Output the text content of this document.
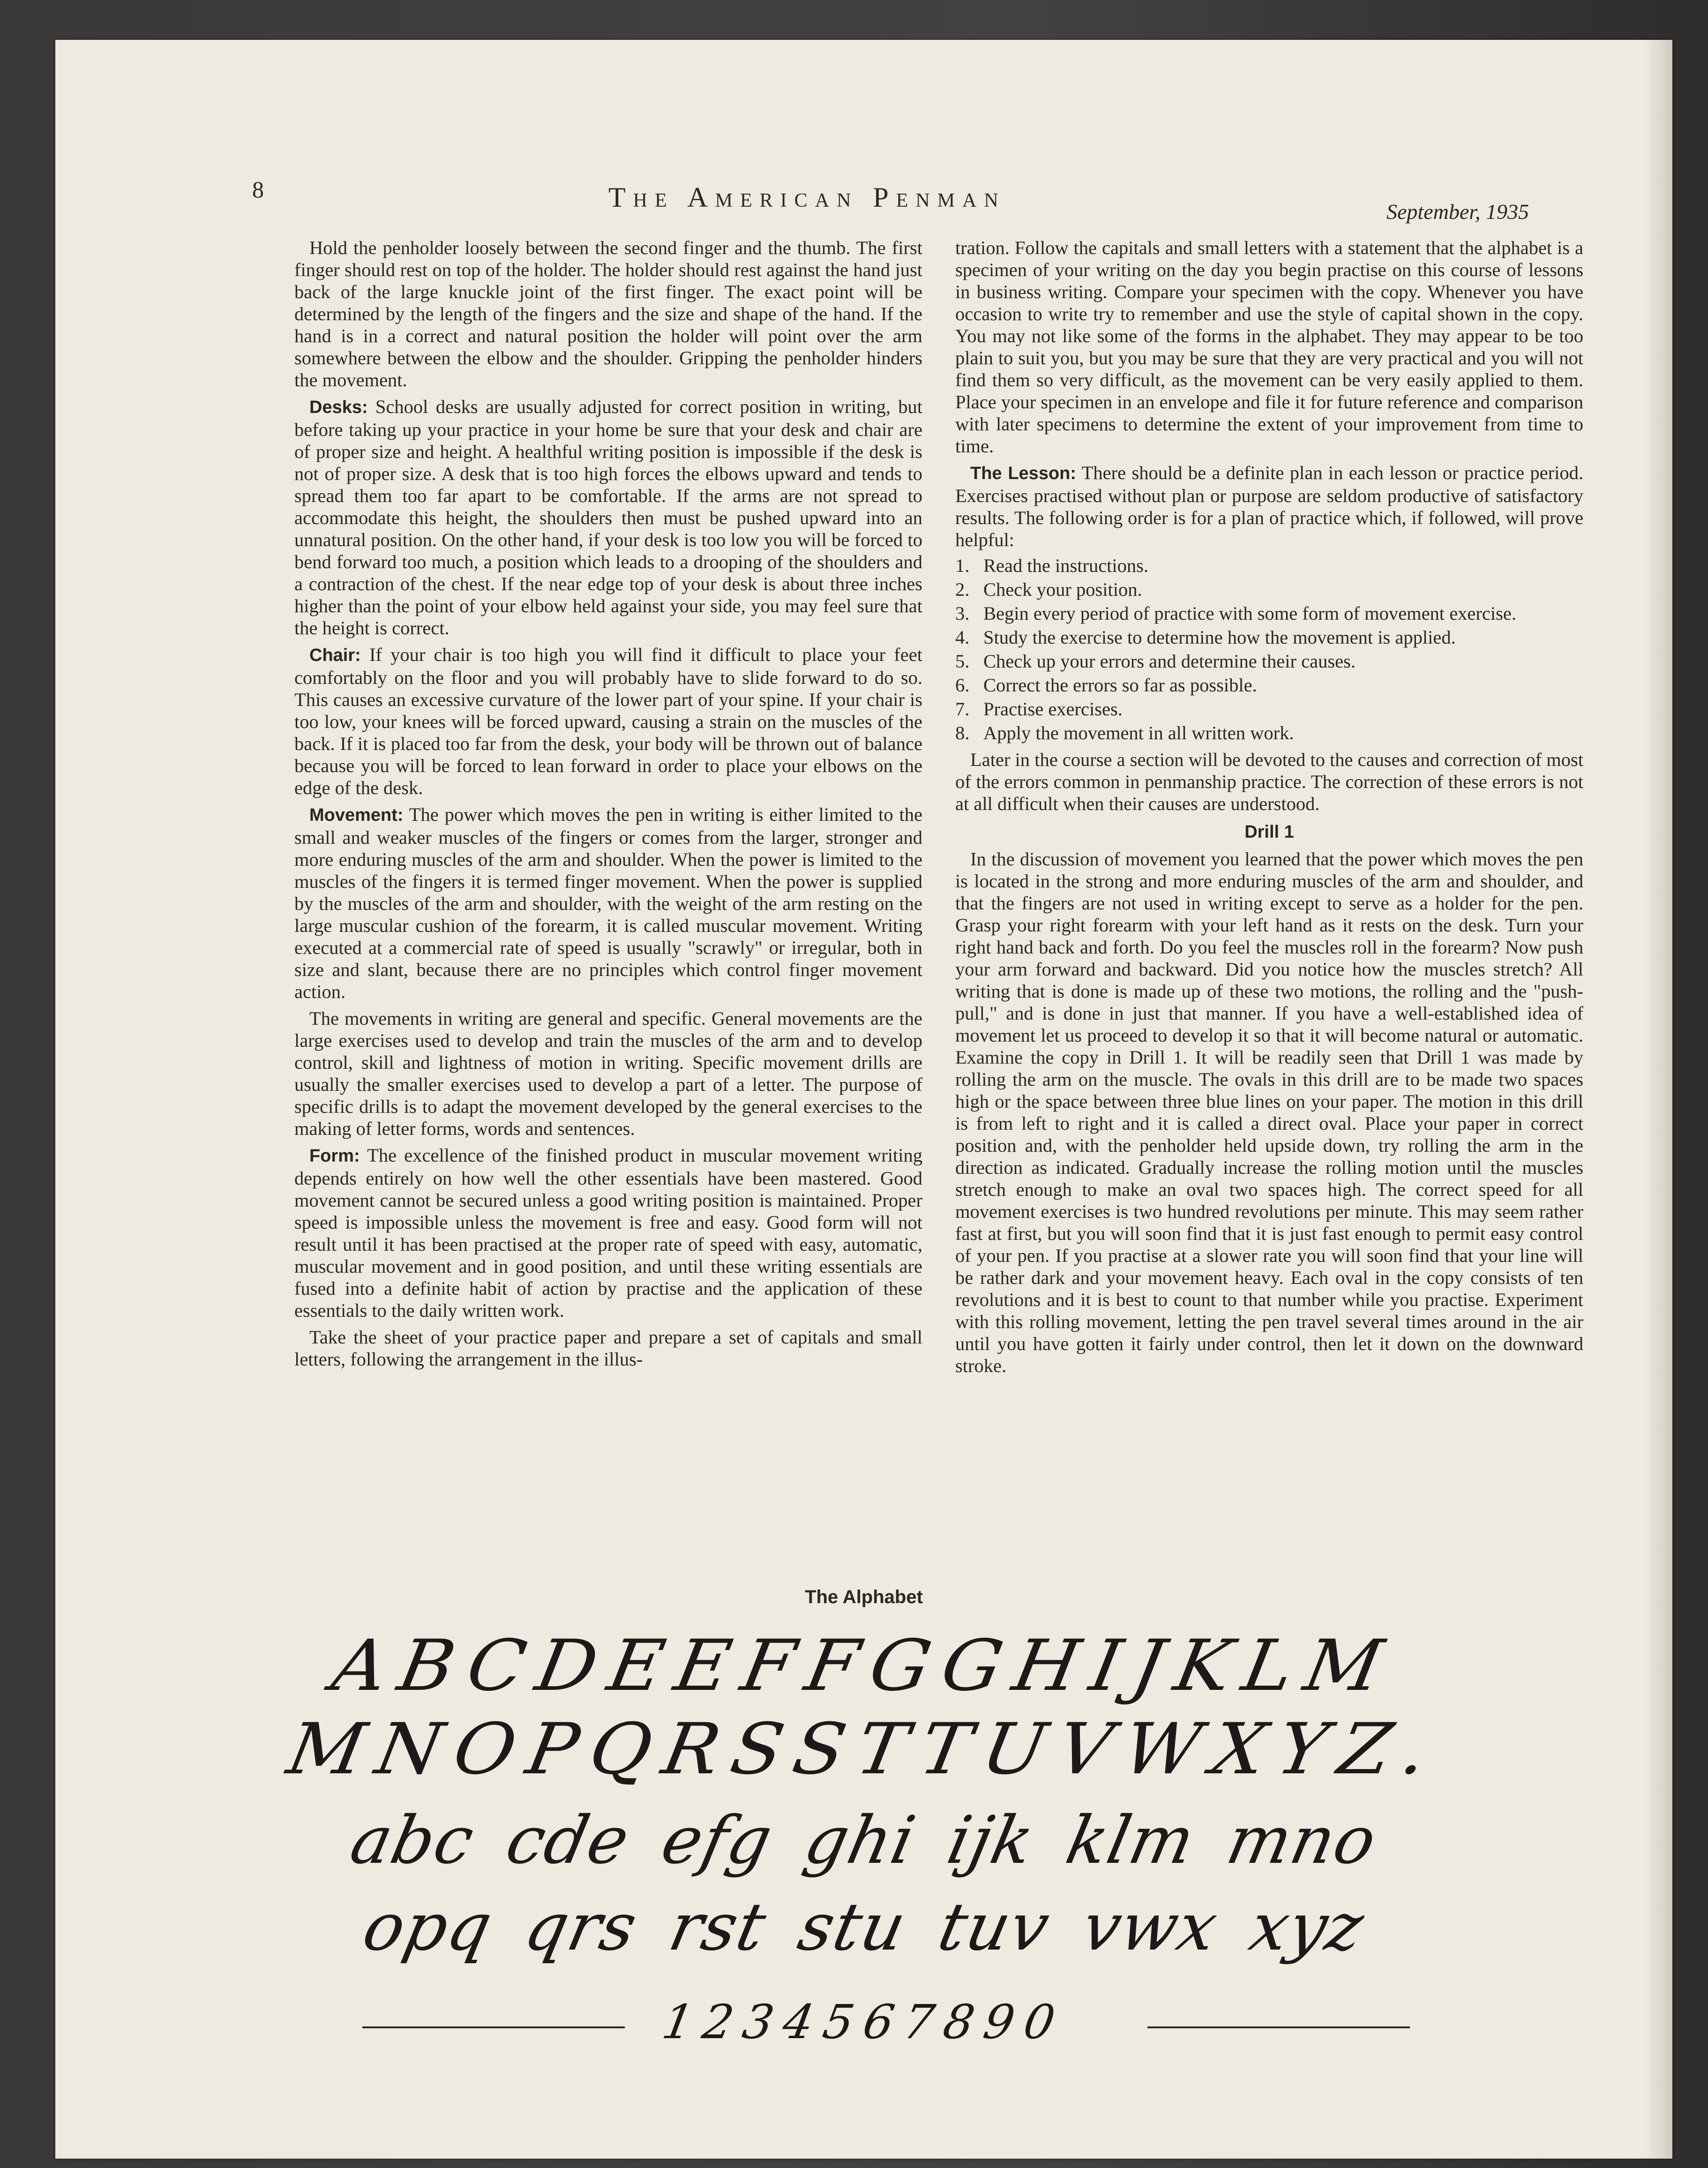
8	The American Penman	September, 1935

Hold the penholder loosely between the second finger and the thumb. The first finger should rest on top of the holder. The holder should rest against the hand just back of the large knuckle joint of the first finger. The exact point will be determined by the length of the fingers and the size and shape of the hand. If the hand is in a correct and natural position the holder will point over the arm somewhere between the elbow and the shoulder. Gripping the penholder hinders the movement.

Desks: School desks are usually adjusted for correct position in writing, but before taking up your practice in your home be sure that your desk and chair are of proper size and height. A healthful writing position is impossible if the desk is not of proper size. A desk that is too high forces the elbows upward and tends to spread them too far apart to be comfortable. If the arms are not spread to accommodate this height, the shoulders then must be pushed upward into an unnatural position. On the other hand, if your desk is too low you will be forced to bend forward too much, a position which leads to a drooping of the shoulders and a contraction of the chest. If the near edge top of your desk is about three inches higher than the point of your elbow held against your side, you may feel sure that the height is correct.

Chair: If your chair is too high you will find it difficult to place your feet comfortably on the floor and you will probably have to slide forward to do so. This causes an excessive curvature of the lower part of your spine. If your chair is too low, your knees will be forced upward, causing a strain on the muscles of the back. If it is placed too far from the desk, your body will be thrown out of balance because you will be forced to lean forward in order to place your elbows on the edge of the desk.

Movement: The power which moves the pen in writing is either limited to the small and weaker muscles of the fingers or comes from the larger, stronger and more enduring muscles of the arm and shoulder. When the power is limited to the muscles of the fingers it is termed finger movement. When the power is supplied by the muscles of the arm and shoulder, with the weight of the arm resting on the large muscular cushion of the forearm, it is called muscular movement. Writing executed at a commercial rate of speed is usually "scrawly" or irregular, both in size and slant, because there are no principles which control finger movement action.

The movements in writing are general and specific. General movements are the large exercises used to develop and train the muscles of the arm and to develop control, skill and lightness of motion in writing. Specific movement drills are usually the smaller exercises used to develop a part of a letter. The purpose of specific drills is to adapt the movement developed by the general exercises to the making of letter forms, words and sentences.

Form: The excellence of the finished product in muscular movement writing depends entirely on how well the other essentials have been mastered. Good movement cannot be secured unless a good writing position is maintained. Proper speed is impossible unless the movement is free and easy. Good form will not result until it has been practised at the proper rate of speed with easy, automatic, muscular movement and in good position, and until these writing essentials are fused into a definite habit of action by practise and the application of these essentials to the daily written work.

Take the sheet of your practice paper and prepare a set of capitals and small letters, following the arrangement in the illus-

tration. Follow the capitals and small letters with a statement that the alphabet is a specimen of your writing on the day you begin practise on this course of lessons in business writing. Compare your specimen with the copy. Whenever you have occasion to write try to remember and use the style of capital shown in the copy. You may not like some of the forms in the alphabet. They may appear to be too plain to suit you, but you may be sure that they are very practical and you will not find them so very difficult, as the movement can be very easily applied to them. Place your specimen in an envelope and file it for future reference and comparison with later specimens to determine the extent of your improvement from time to time.

The Lesson: There should be a definite plan in each lesson or practice period. Exercises practised without plan or purpose are seldom productive of satisfactory results. The following order is for a plan of practice which, if followed, will prove helpful:

1. Read the instructions.
2. Check your position.
3. Begin every period of practice with some form of movement exercise.
4. Study the exercise to determine how the movement is applied.
5. Check up your errors and determine their causes.
6. Correct the errors so far as possible.
7. Practise exercises.
8. Apply the movement in all written work.

Later in the course a section will be devoted to the causes and correction of most of the errors common in penmanship practice. The correction of these errors is not at all difficult when their causes are understood.

Drill 1

In the discussion of movement you learned that the power which moves the pen is located in the strong and more enduring muscles of the arm and shoulder, and that the fingers are not used in writing except to serve as a holder for the pen. Grasp your right forearm with your left hand as it rests on the desk. Turn your right hand back and forth. Do you feel the muscles roll in the forearm? Now push your arm forward and backward. Did you notice how the muscles stretch? All writing that is done is made up of these two motions, the rolling and the "push-pull," and is done in just that manner. If you have a well-established idea of movement let us proceed to develop it so that it will become natural or automatic. Examine the copy in Drill 1. It will be readily seen that Drill 1 was made by rolling the arm on the muscle. The ovals in this drill are to be made two spaces high or the space between three blue lines on your paper. The motion in this drill is from left to right and it is called a direct oval. Place your paper in correct position and, with the penholder held upside down, try rolling the arm in the direction as indicated. Gradually increase the rolling motion until the muscles stretch enough to make an oval two spaces high. The correct speed for all movement exercises is two hundred revolutions per minute. This may seem rather fast at first, but you will soon find that it is just fast enough to permit easy control of your pen. If you practise at a slower rate you will soon find that your line will be rather dark and your movement heavy. Each oval in the copy consists of ten revolutions and it is best to count to that number while you practise. Experiment with this rolling movement, letting the pen travel several times around in the air until you have gotten it fairly under control, then let it down on the downward stroke.

The Alphabet
ABCDEEFFGGHIJKLM
MNOPQRSSTTUVWXYZ.
abc cde efg ghi ijk klm mno
opq qrs rst stu tuv vwx xyz
1234567890
